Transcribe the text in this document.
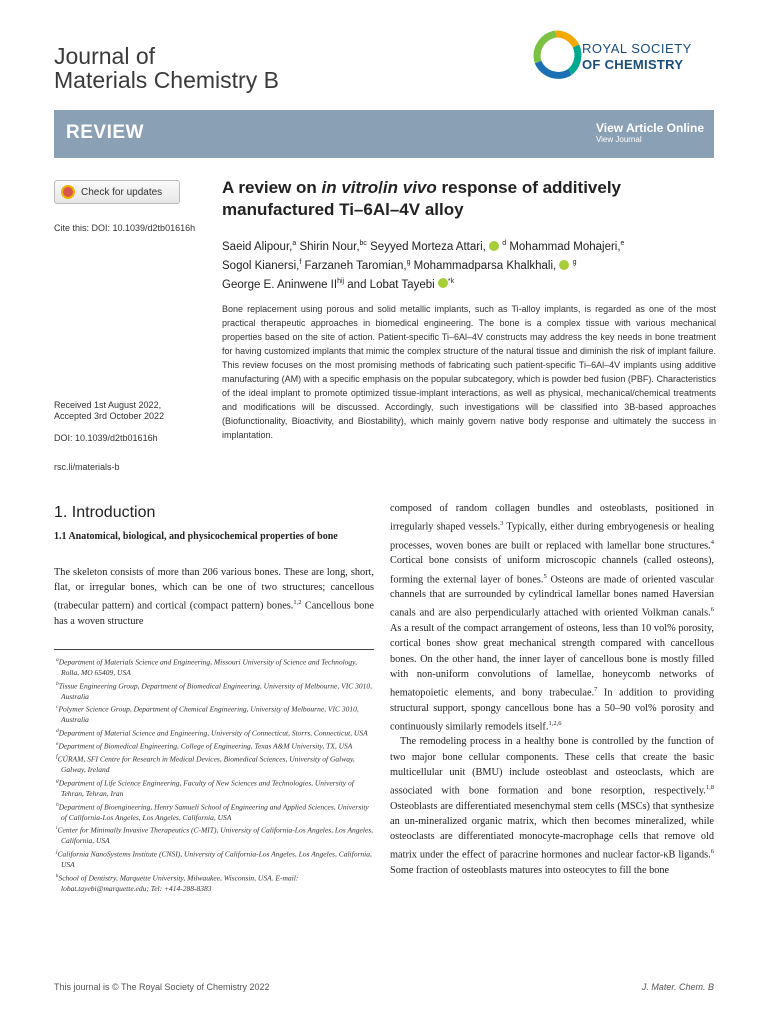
Journal of
Materials Chemistry B
ROYAL SOCIETY
OF CHEMISTRY
REVIEW	View Article Online
View Journal
Check for updates
Cite this: DOI: 10.1039/d2tb01616h
Received 1st August 2022,
Accepted 3rd October 2022
DOI: 10.1039/d2tb01616h
rsc.li/materials-b
A review on in vitro/in vivo response of additively manufactured Ti–6Al–4V alloy
Saeid Alipour,$^a$ Shirin Nour,$^{bc}$ Seyyed Morteza Attari, $^d$ Mohammad Mohajeri,$^e$
Sogol Kianersi,$^f$ Farzaneh Taromian,$^g$ Mohammadparsa Khalkhali, $^g$
George E. Aninwene $II^{hij}$ and Lobat Tayebi $^{*k}$
Bone replacement using porous and solid metallic implants, such as Ti-alloy implants, is regarded as one of the most practical therapeutic approaches in biomedical engineering. The bone is a complex tissue with various mechanical properties based on the site of action. Patient-specific Ti–6Al–4V constructs may address the key needs in bone treatment for having customized implants that mimic the complex structure of the natural tissue and diminish the risk of implant failure. This review focuses on the most promising methods of fabricating such patient-specific Ti–6Al–4V implants using additive manufacturing (AM) with a specific emphasis on the popular subcategory, which is powder bed fusion (PBF). Characteristics of the ideal implant to promote optimized tissue-implant interactions, as well as physical, mechanical/chemical treatments and modifications will be discussed. Accordingly, such investigations will be classified into 3B-based approaches (Biofunctionality, Bioactivity, and Biostability), which mainly govern native body response and ultimately the success in implantation.
1. Introduction
1.1 Anatomical, biological, and physicochemical properties of bone

The skeleton consists of more than 206 various bones. These are long, short, flat, or irregular bones, which can be one of two structures; cancellous (trabecular pattern) and cortical (compact pattern) bones.$^{1,2}$ Cancellous bone has a woven structure

$^a$Department of Materials Science and Engineering, Missouri University of Science and Technology, Rolla, MO 65409, USA
$^b$Tissue Engineering Group, Department of Biomedical Engineering, University of Melbourne, VIC 3010, Australia
$^c$Polymer Science Group, Department of Chemical Engineering, University of Melbourne, VIC 3010, Australia
$^d$Department of Material Science and Engineering, University of Connecticut, Storrs, Connecticut, USA
$^e$Department of Biomedical Engineering, College of Engineering, Texas A&M University, TX, USA
$^f$CÚRAM, SFI Centre for Research in Medical Devices, Biomedical Sciences, University of Galway, Galway, Ireland
$^g$Department of Life Science Engineering, Faculty of New Sciences and Technologies, University of Tehran, Tehran, Iran
$^h$Department of Bioengineering, Henry Samueli School of Engineering and Applied Sciences, University of California-Los Angeles, Los Angeles, California, USA
$^i$Center for Minimally Invasive Therapeutics (C-MIT), University of California-Los Angeles, Los Angeles, California, USA
$^j$California NanoSystems Institute (CNSI), University of California-Los Angeles, Los Angeles, California, USA
$^k$School of Dentistry, Marquette University, Milwaukee, Wisconsin, USA. E-mail: lobat.tayebi@marquette.edu; Tel: +414-288-8383

composed of random collagen bundles and osteoblasts, positioned in irregularly shaped vessels.$^3$ Typically, either during embryogenesis or healing processes, woven bones are built or replaced with lamellar bone structures.$^4$ Cortical bone consists of uniform microscopic channels (called osteons), forming the external layer of bones.$^5$ Osteons are made of oriented vascular channels that are surrounded by cylindrical lamellar bones named Haversian canals and are also perpendicularly attached with oriented Volkman canals.$^6$ As a result of the compact arrangement of osteons, less than 10 vol% porosity, cortical bones show great mechanical strength compared with cancellous bones. On the other hand, the inner layer of cancellous bone is mostly filled with non-uniform convolutions of lamellae, honeycomb networks of hematopoietic elements, and bony trabeculae.$^7$ In addition to providing structural support, spongy cancellous bone has a 50–90 vol% porosity and continuously similarly remodels itself.$^{1,2,6}$

The remodeling process in a healthy bone is controlled by the function of two major bone cellular components. These cells that create the basic multicellular unit (BMU) include osteoblast and osteoclasts, which are associated with bone formation and bone resorption, respectively.$^{1,8}$ Osteoblasts are differentiated mesenchymal stem cells (MSCs) that synthesize an un-mineralized organic matrix, which then becomes mineralized, while osteoclasts are differentiated monocyte-macrophage cells that remove old matrix under the effect of paracrine hormones and nuclear factor-κB ligands.$^6$ Some fraction of osteoblasts matures into osteocytes to fill the bone

This journal is © The Royal Society of Chemistry 2022	J. Mater. Chem. B
